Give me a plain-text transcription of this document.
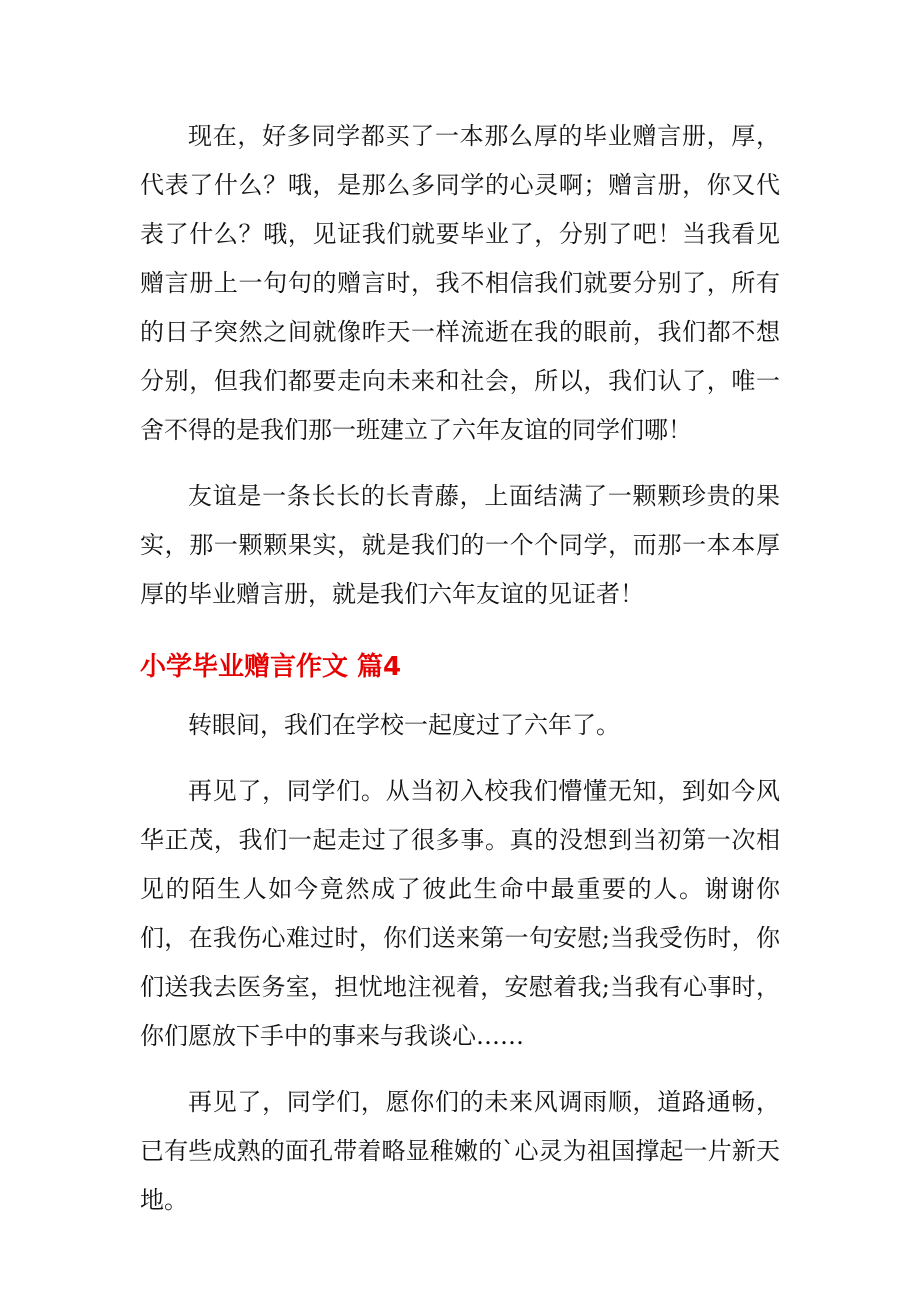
现在，好多同学都买了一本那么厚的毕业赠言册，厚，代表了什么？哦，是那么多同学的心灵啊；赠言册，你又代表了什么？哦，见证我们就要毕业了，分别了吧！当我看见赠言册上一句句的赠言时，我不相信我们就要分别了，所有的日子突然之间就像昨天一样流逝在我的眼前，我们都不想分别，但我们都要走向未来和社会，所以，我们认了，唯一舍不得的是我们那一班建立了六年友谊的同学们哪！

友谊是一条长长的长青藤，上面结满了一颗颗珍贵的果实，那一颗颗果实，就是我们的一个个同学，而那一本本厚厚的毕业赠言册，就是我们六年友谊的见证者！

小学毕业赠言作文 篇4

转眼间，我们在学校一起度过了六年了。

再见了，同学们。从当初入校我们懵懂无知，到如今风华正茂，我们一起走过了很多事。真的没想到当初第一次相见的陌生人如今竟然成了彼此生命中最重要的人。谢谢你们，在我伤心难过时，你们送来第一句安慰;当我受伤时，你们送我去医务室，担忧地注视着，安慰着我;当我有心事时，你们愿放下手中的事来与我谈心……

再见了，同学们，愿你们的未来风调雨顺，道路通畅，已有些成熟的面孔带着略显稚嫩的`心灵为祖国撑起一片新天地。
